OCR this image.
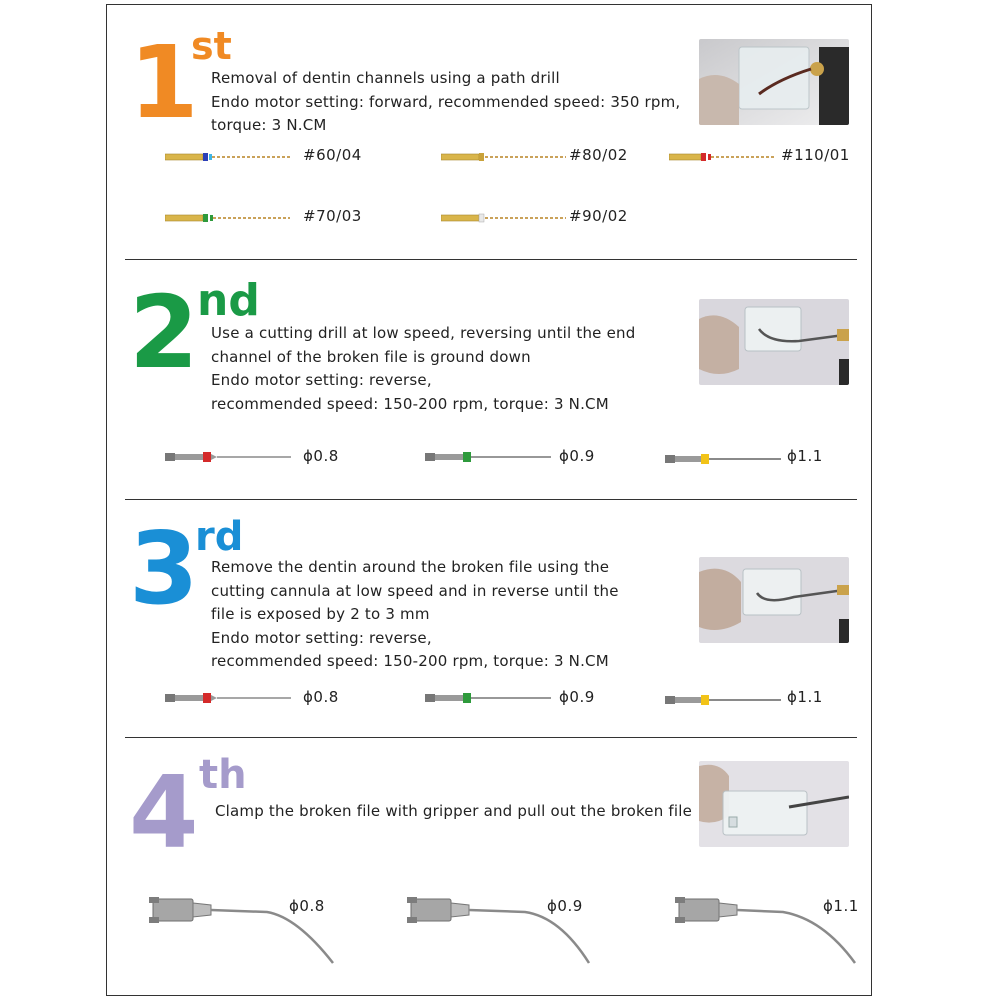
1
st
Removal of dentin channels using a path drill
Endo motor setting: forward, recommended speed: 350 rpm,
torque: 3 N.CM
#60/04	#80/02	#110/01
#70/03	#90/02
2 nd
Use a cutting drill at low speed, reversing until the end
channel of the broken file is ground down
Endo motor setting: reverse,
recommended speed: 150-200 rpm, torque: 3 N.CM
ϕ0.8	ϕ0.9	ϕ1.1
3 rd
Remove the dentin around the broken file using the
cutting cannula at low speed and in reverse until the
file is exposed by 2 to 3 mm
Endo motor setting: reverse,
recommended speed: 150-200 rpm, torque: 3 N.CM
ϕ0.8	ϕ0.9	ϕ1.1
4 th
Clamp the broken file with gripper and pull out the broken file
ϕ0.8	ϕ0.9	ϕ1.1
